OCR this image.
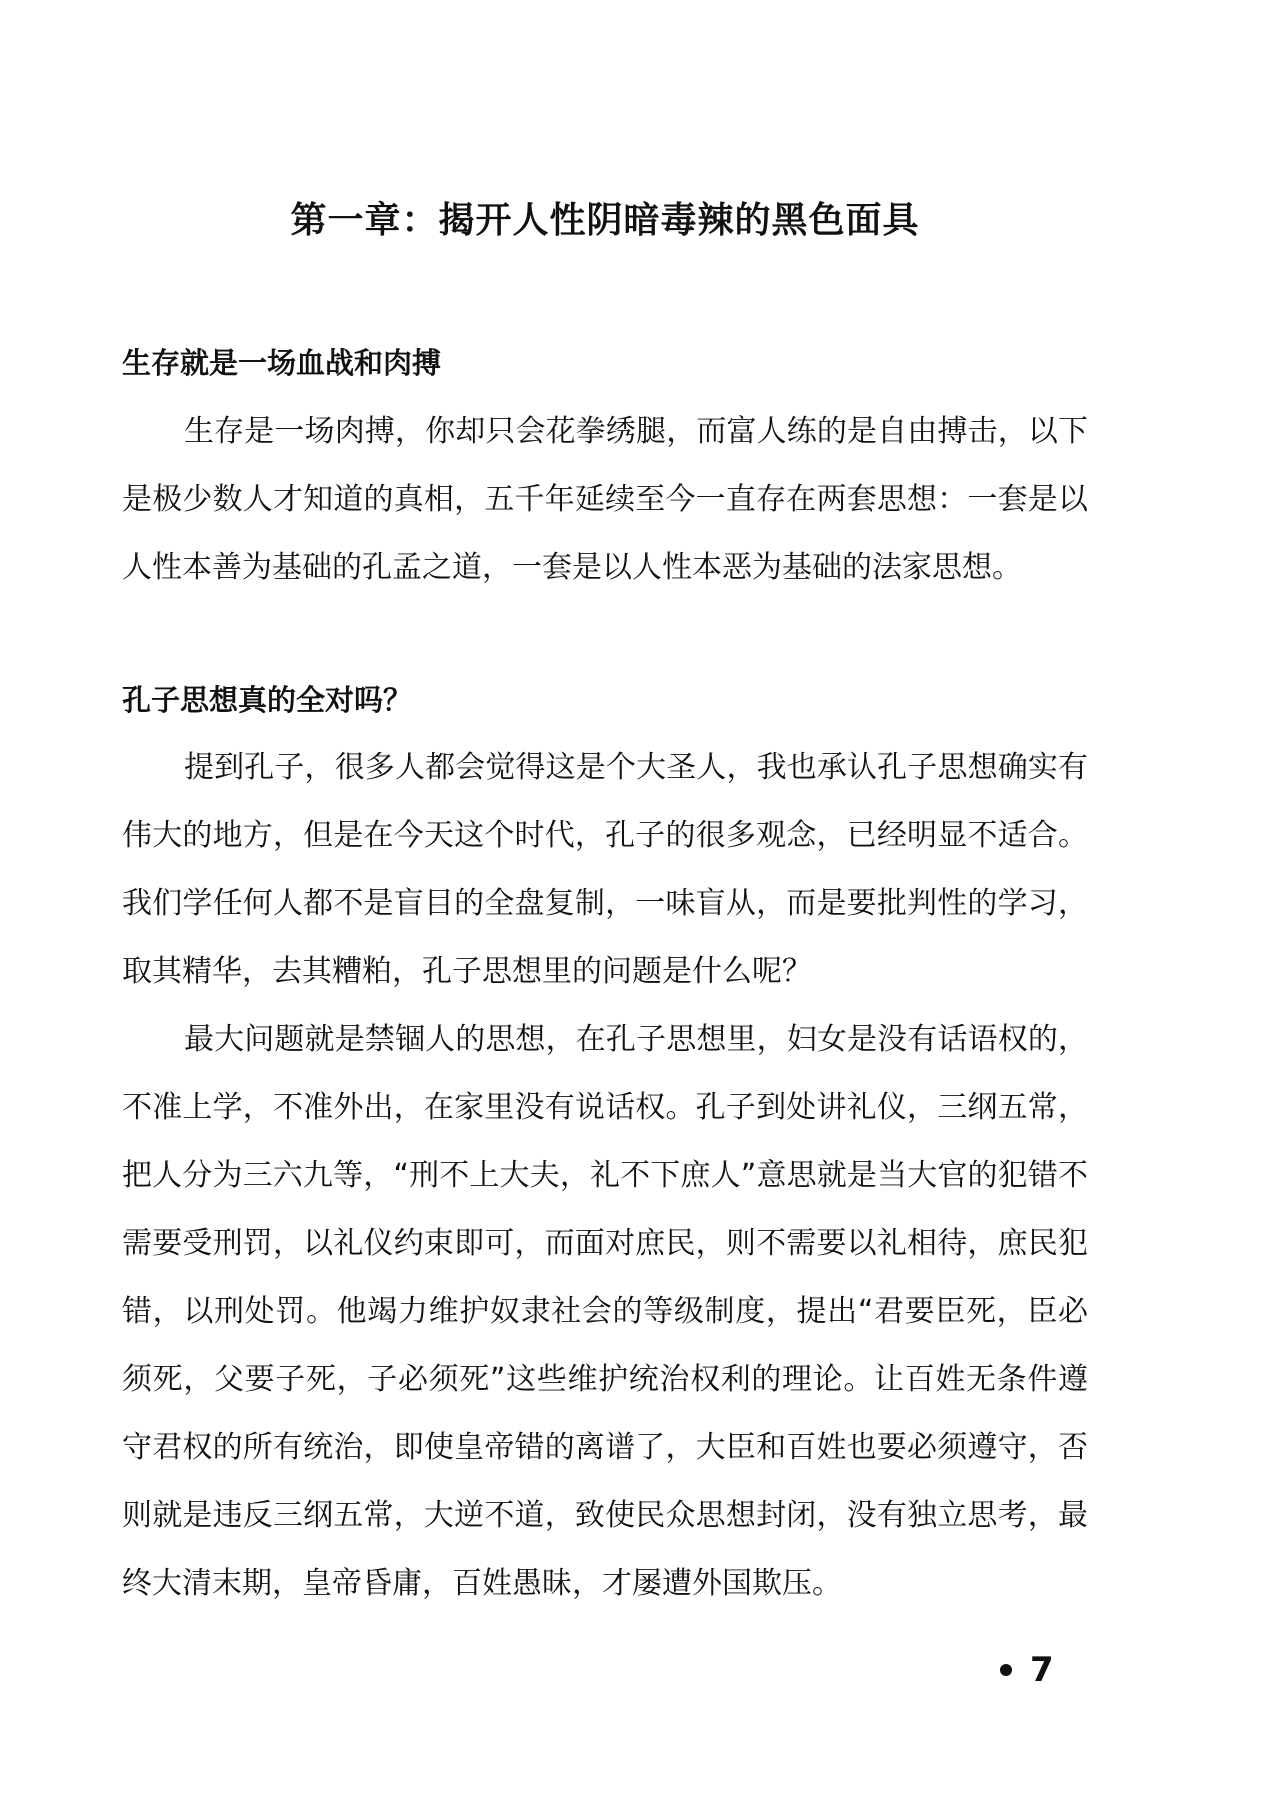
第一章：揭开人性阴暗毒辣的黑色面具
生存就是一场血战和肉搏

生存是一场肉搏，你却只会花拳绣腿，而富人练的是自由搏击，以下是极少数人才知道的真相，五千年延续至今一直存在两套思想：一套是以人性本善为基础的孔孟之道，一套是以人性本恶为基础的法家思想。

孔子思想真的全对吗？

提到孔子，很多人都会觉得这是个大圣人，我也承认孔子思想确实有伟大的地方，但是在今天这个时代，孔子的很多观念，已经明显不适合。我们学任何人都不是盲目的全盘复制，一味盲从，而是要批判性的学习，取其精华，去其糟粕，孔子思想里的问题是什么呢？

最大问题就是禁锢人的思想，在孔子思想里，妇女是没有话语权的，不准上学，不准外出，在家里没有说话权。孔子到处讲礼仪，三纲五常，把人分为三六九等，“刑不上大夫，礼不下庶人”意思就是当大官的犯错不需要受刑罚，以礼仪约束即可，而面对庶民，则不需要以礼相待，庶民犯错，以刑处罚。他竭力维护奴隶社会的等级制度，提出“君要臣死，臣必须死，父要子死，子必须死”这些维护统治权利的理论。让百姓无条件遵守君权的所有统治，即使皇帝错的离谱了，大臣和百姓也要必须遵守，否则就是违反三纲五常，大逆不道，致使民众思想封闭，没有独立思考，最终大清末期，皇帝昏庸，百姓愚昧，才屡遭外国欺压。

7
